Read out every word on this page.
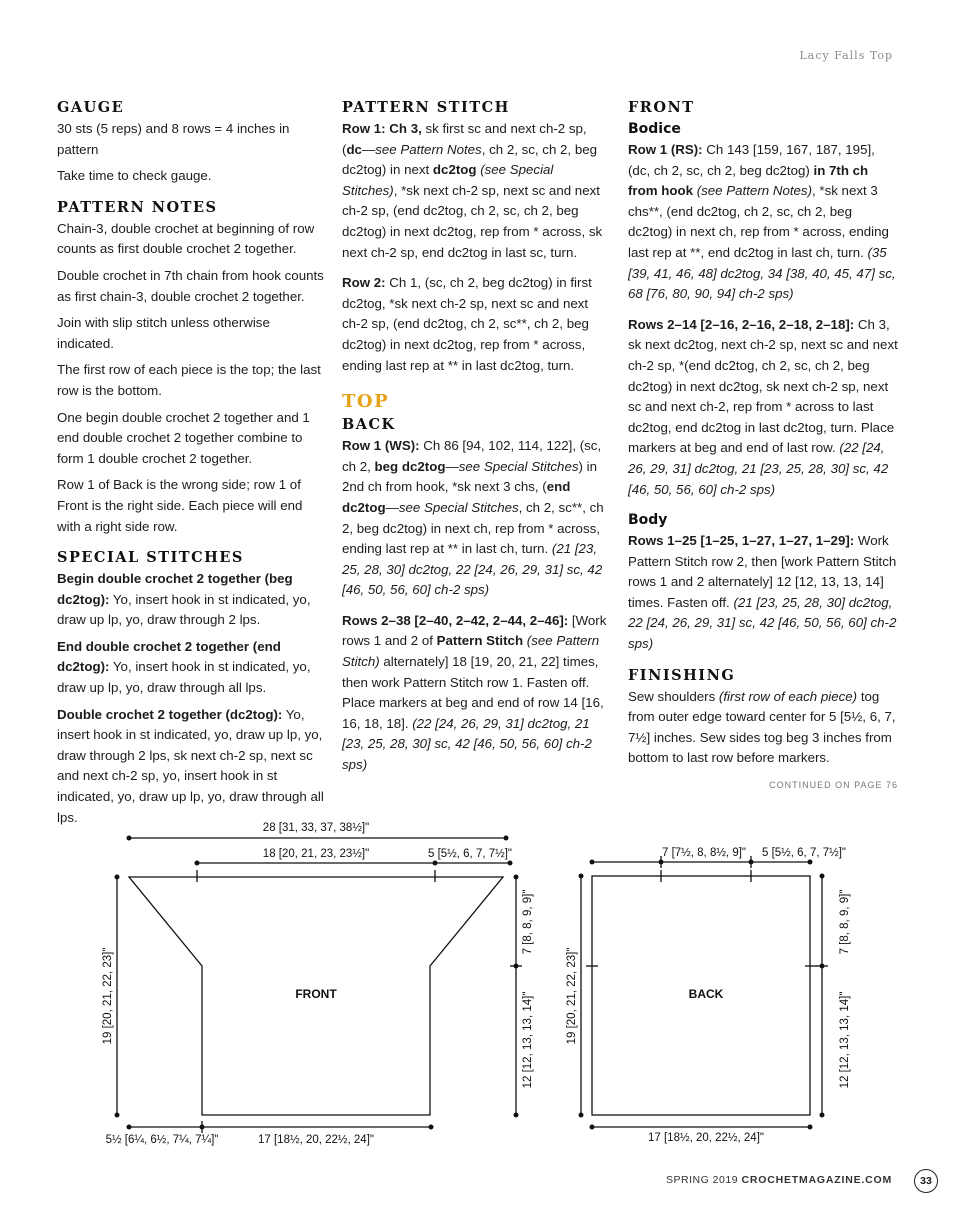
Lacy Falls Top
GAUGE

30 sts (5 reps) and 8 rows = 4 inches in pattern

Take time to check gauge.

PATTERN NOTES

Chain-3, double crochet at beginning of row counts as first double crochet 2 together.

Double crochet in 7th chain from hook counts as first chain-3, double crochet 2 together.

Join with slip stitch unless otherwise indicated.

The first row of each piece is the top; the last row is the bottom.

One begin double crochet 2 together and 1 end double crochet 2 together combine to form 1 double crochet 2 together.

Row 1 of Back is the wrong side; row 1 of Front is the right side. Each piece will end with a right side row.

SPECIAL STITCHES

Begin double crochet 2 together (beg dc2tog): Yo, insert hook in st indicated, yo, draw up lp, yo, draw through 2 lps.

End double crochet 2 together (end dc2tog): Yo, insert hook in st indicated, yo, draw up lp, yo, draw through all lps.

Double crochet 2 together (dc2tog): Yo, insert hook in st indicated, yo, draw up lp, yo, draw through 2 lps, sk next ch-2 sp, next sc and next ch-2 sp, yo, insert hook in st indicated, yo, draw up lp, yo, draw through all lps.

PATTERN STITCH

Row 1: Ch 3, sk first sc and next ch-2 sp, (dc—see Pattern Notes, ch 2, sc, ch 2, beg dc2tog) in next dc2tog (see Special Stitches), *sk next ch-2 sp, next sc and next ch-2 sp, (end dc2tog, ch 2, sc, ch 2, beg dc2tog) in next dc2tog, rep from * across, sk next ch-2 sp, end dc2tog in last sc, turn.

Row 2: Ch 1, (sc, ch 2, beg dc2tog) in first dc2tog, *sk next ch-2 sp, next sc and next ch-2 sp, (end dc2tog, ch 2, sc**, ch 2, beg dc2tog) in next dc2tog, rep from * across, ending last rep at ** in last dc2tog, turn.

TOP
BACK

Row 1 (WS): Ch 86 [94, 102, 114, 122], (sc, ch 2, beg dc2tog—see Special Stitches) in 2nd ch from hook, *sk next 3 chs, (end dc2tog—see Special Stitches, ch 2, sc**, ch 2, beg dc2tog) in next ch, rep from * across, ending last rep at ** in last ch, turn. (21 [23, 25, 28, 30] dc2tog, 22 [24, 26, 29, 31] sc, 42 [46, 50, 56, 60] ch-2 sps)

Rows 2–38 [2–40, 2–42, 2–44, 2–46]: [Work rows 1 and 2 of Pattern Stitch (see Pattern Stitch) alternately] 18 [19, 20, 21, 22] times, then work Pattern Stitch row 1. Fasten off. Place markers at beg and end of row 14 [16, 16, 18, 18]. (22 [24, 26, 29, 31] dc2tog, 21 [23, 25, 28, 30] sc, 42 [46, 50, 56, 60] ch-2 sps)

FRONT
Bodice

Row 1 (RS): Ch 143 [159, 167, 187, 195], (dc, ch 2, sc, ch 2, beg dc2tog) in 7th ch from hook (see Pattern Notes), *sk next 3 chs**, (end dc2tog, ch 2, sc, ch 2, beg dc2tog) in next ch, rep from * across, ending last rep at **, end dc2tog in last ch, turn. (35 [39, 41, 46, 48] dc2tog, 34 [38, 40, 45, 47] sc, 68 [76, 80, 90, 94] ch-2 sps)

Rows 2–14 [2–16, 2–16, 2–18, 2–18]: Ch 3, sk next dc2tog, next ch-2 sp, next sc and next ch-2 sp, *(end dc2tog, ch 2, sc, ch 2, beg dc2tog) in next dc2tog, sk next ch-2 sp, next sc and next ch-2, rep from * across to last dc2tog, end dc2tog in last dc2tog, turn. Place markers at beg and end of last row. (22 [24, 26, 29, 31] dc2tog, 21 [23, 25, 28, 30] sc, 42 [46, 50, 56, 60] ch-2 sps)

Body

Rows 1–25 [1–25, 1–27, 1–27, 1–29]: Work Pattern Stitch row 2, then [work Pattern Stitch rows 1 and 2 alternately] 12 [12, 13, 13, 14] times. Fasten off. (21 [23, 25, 28, 30] dc2tog, 22 [24, 26, 29, 31] sc, 42 [46, 50, 56, 60] ch-2 sps)

FINISHING

Sew shoulders (first row of each piece) tog from outer edge toward center for 5 [5½, 6, 7, 7½] inches. Sew sides tog beg 3 inches from bottom to last row before markers.

CONTINUED ON PAGE 76
FRONT	BACK
28 [31, 33, 37, 38½]"
18 [20, 21, 23, 23½]"	5 [5½, 6, 7, 7½]"
19 [20, 21, 22, 23]"
7 [8, 8, 9, 9]"
12 [12, 13, 13, 14]"
5½ [6¼, 6½, 7¼, 7¼]"	17 [18½, 20, 22½, 24]"
7 [7½, 8, 8½, 9]" 5 [5½, 6, 7, 7½]"
19 [20, 21, 22, 23]"
7 [8, 8, 9, 9]"
12 [12, 13, 13, 14]"
17 [18½, 20, 22½, 24]"
SPRING 2019 CROCHETMAGAZINE.COM	33
